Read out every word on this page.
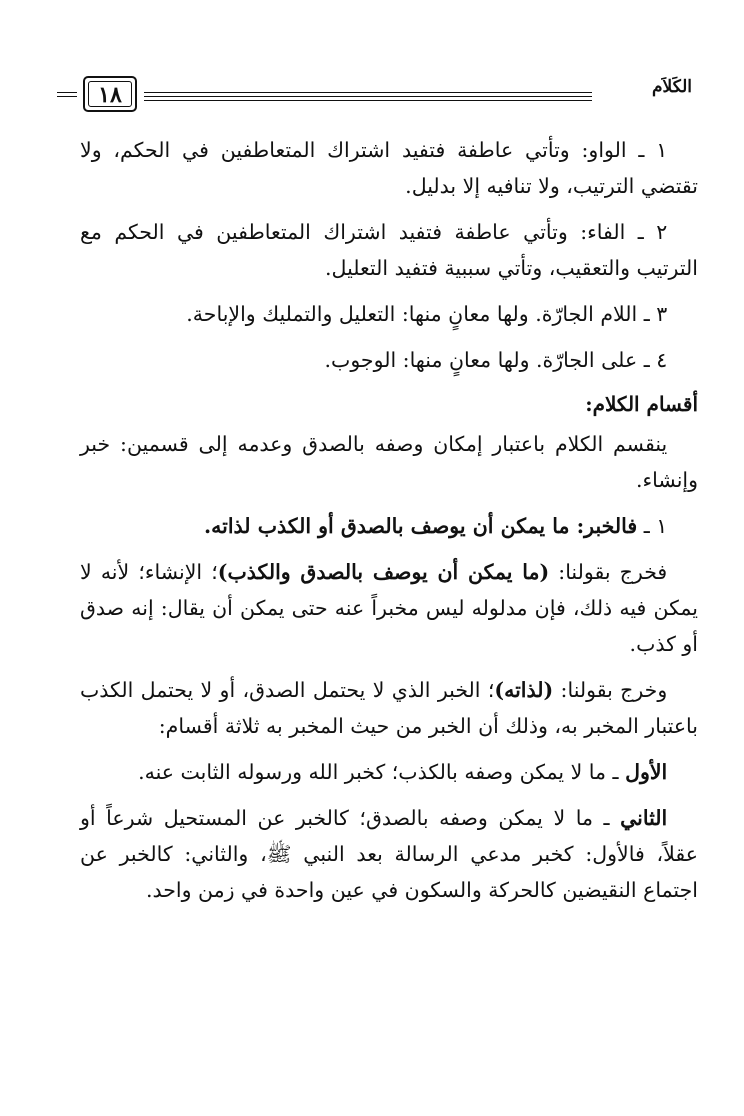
١٨	الكَلاَم

١ ـ الواو: وتأتي عاطفة فتفيد اشتراك المتعاطفين في الحكم، ولا تقتضي الترتيب، ولا تنافيه إلا بدليل.

٢ ـ الفاء: وتأتي عاطفة فتفيد اشتراك المتعاطفين في الحكم مع الترتيب والتعقيب، وتأتي سببية فتفيد التعليل.

٣ ـ اللام الجارّة. ولها معانٍ منها: التعليل والتمليك والإباحة.

٤ ـ على الجارّة. ولها معانٍ منها: الوجوب.

أقسام الكلام:

ينقسم الكلام باعتبار إمكان وصفه بالصدق وعدمه إلى قسمين: خبر وإنشاء.

١ ـ فالخبر: ما يمكن أن يوصف بالصدق أو الكذب لذاته.

فخرج بقولنا: (ما يمكن أن يوصف بالصدق والكذب)؛ الإنشاء؛ لأنه لا يمكن فيه ذلك، فإن مدلوله ليس مخبراً عنه حتى يمكن أن يقال: إنه صدق أو كذب.

وخرج بقولنا: (لذاته)؛ الخبر الذي لا يحتمل الصدق، أو لا يحتمل الكذب باعتبار المخبر به، وذلك أن الخبر من حيث المخبر به ثلاثة أقسام:

الأول ـ ما لا يمكن وصفه بالكذب؛ كخبر الله ورسوله الثابت عنه.

الثاني ـ ما لا يمكن وصفه بالصدق؛ كالخبر عن المستحيل شرعاً أو عقلاً، فالأول: كخبر مدعي الرسالة بعد النبي ﷺ، والثاني: كالخبر عن اجتماع النقيضين كالحركة والسكون في عين واحدة في زمن واحد.
